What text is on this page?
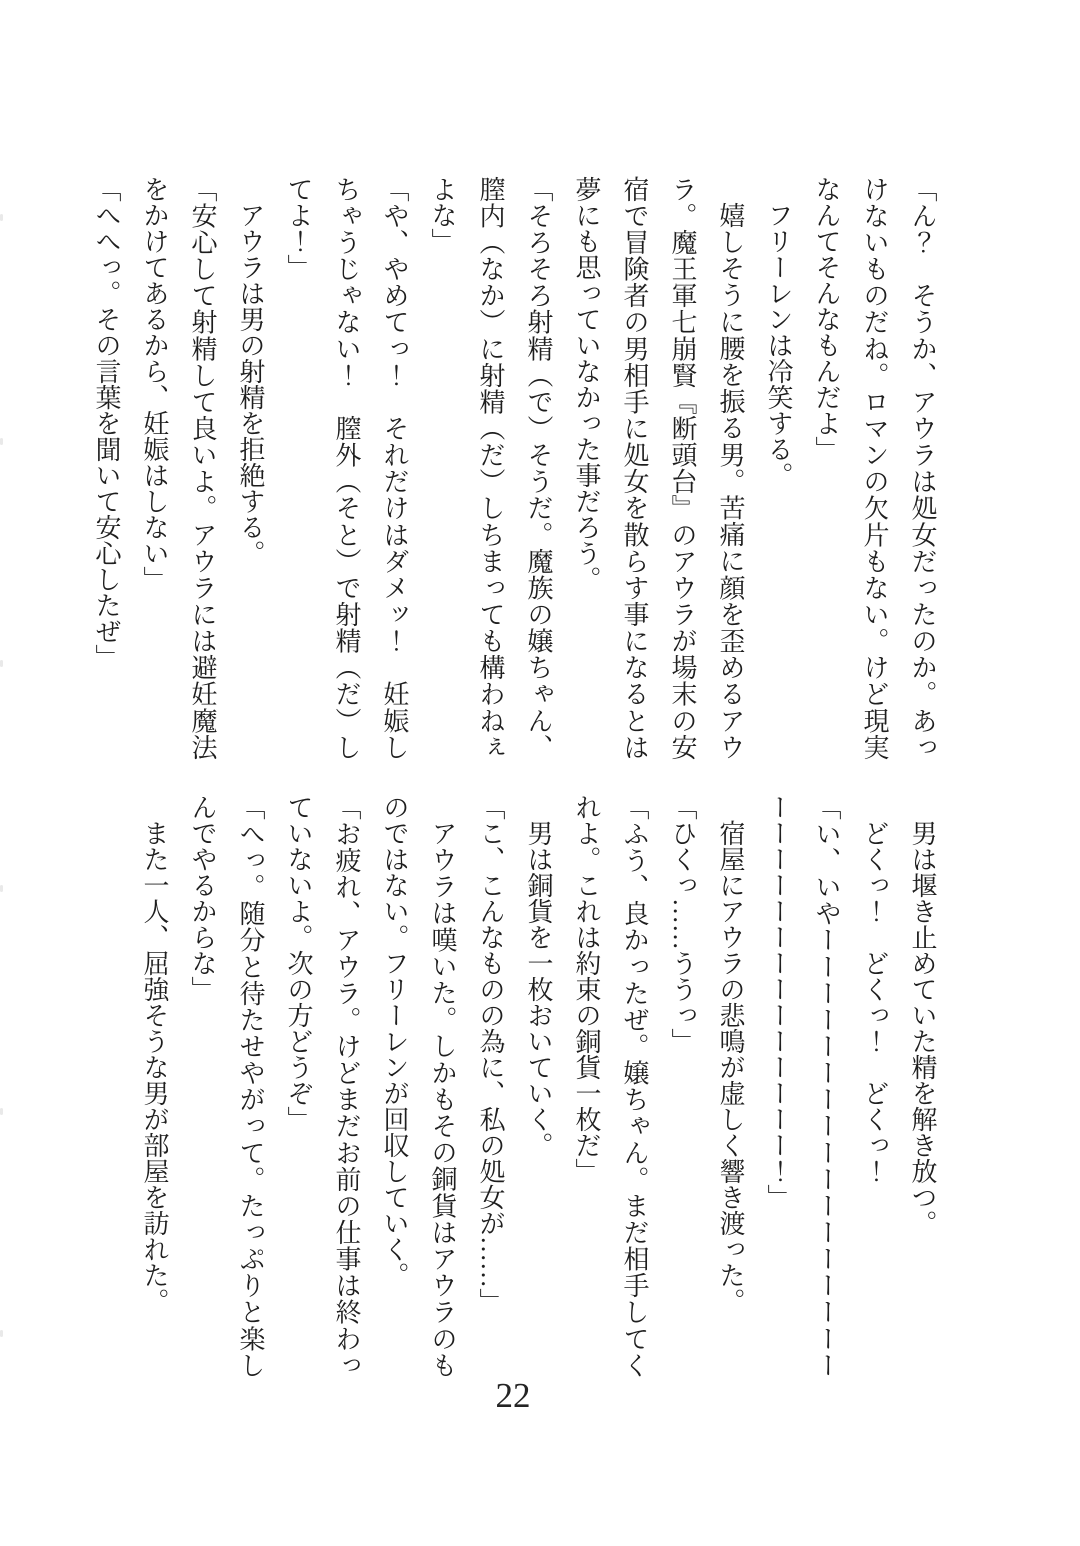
「ん？　そうか、アウラは処女だったのか。あっけないものだね。ロマンの欠片もない。けど現実なんてそんなもんだよ」

フリーレンは冷笑する。

嬉しそうに腰を振る男。苦痛に顔を歪めるアウラ。魔王軍七崩賢『断頭台』のアウラが場末の安宿で冒険者の男相手に処女を散らす事になるとは夢にも思っていなかった事だろう。

「そろそろ射精（で）そうだ。魔族の嬢ちゃん、膣内（なか）に射精（だ）しちまっても構わねぇよな」

「や、やめてっ！　それだけはダメッ！　妊娠しちゃうじゃない！　膣外（そと）で射精（だ）してよ！」

アウラは男の射精を拒絶する。

「安心して射精して良いよ。アウラには避妊魔法をかけてあるから、妊娠はしない」

「へへっ。その言葉を聞いて安心したぜ」

男は堰き止めていた精を解き放つ。

どくっ！　どくっ！　どくっ！

「い、いやーーーーーーーーーーーーーーーーーーーーーーーーーーーーーーー！」

宿屋にアウラの悲鳴が虚しく響き渡った。

「ひくっ……ううっ」

「ふう、良かったぜ。嬢ちゃん。まだ相手してくれよ。これは約束の銅貨一枚だ」

男は銅貨を一枚おいていく。

「こ、こんなものの為に、私の処女が……」

アウラは嘆いた。しかもその銅貨はアウラのものではない。フリーレンが回収していく。

「お疲れ、アウラ。けどまだお前の仕事は終わっていないよ。次の方どうぞ」

「へっ。随分と待たせやがって。たっぷりと楽しんでやるからな」

また一人、屈強そうな男が部屋を訪れた。

22
